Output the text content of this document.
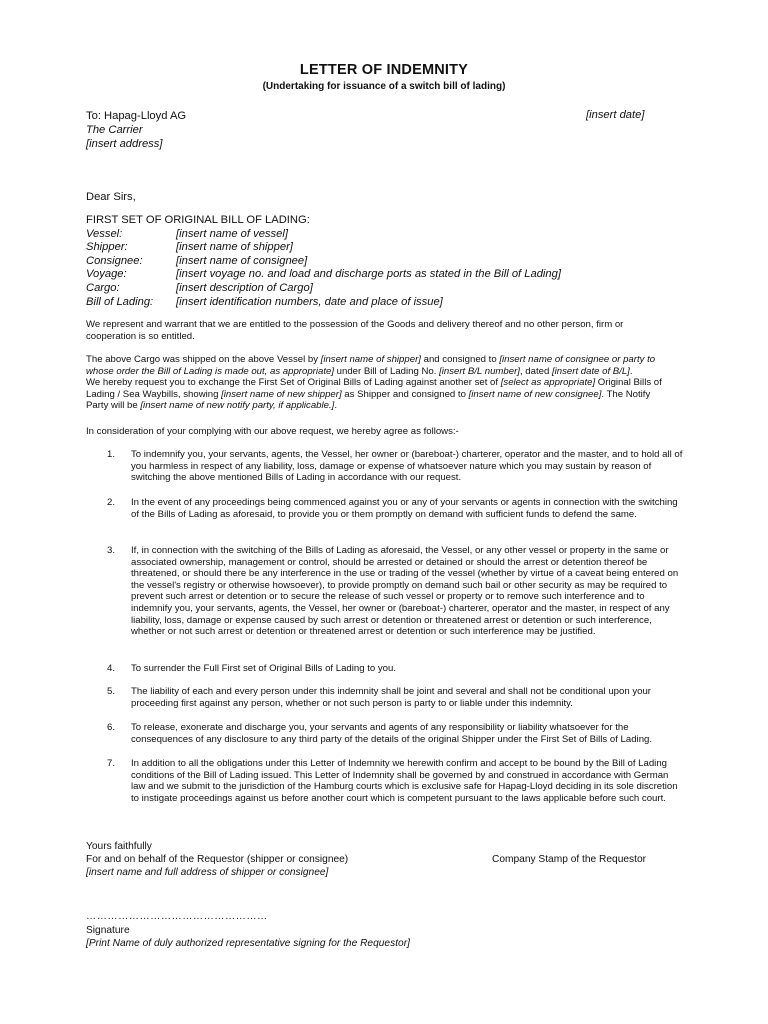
LETTER OF INDEMNITY
(Undertaking for issuance of a switch bill of lading)
To: Hapag-Lloyd AG
The Carrier
[insert address]
[insert date]
Dear Sirs,
FIRST SET OF ORIGINAL BILL OF LADING:
Vessel:	[insert name of vessel]
Shipper:	[insert name of shipper]
Consignee:	[insert name of consignee]
Voyage:	[insert voyage no. and load and discharge ports as stated in the Bill of Lading]
Cargo:	[insert description of Cargo]
Bill of Lading: [insert identification numbers, date and place of issue]

We represent and warrant that we are entitled to the possession of the Goods and delivery thereof and no other person, firm or cooperation is so entitled.

The above Cargo was shipped on the above Vessel by [insert name of shipper] and consigned to [insert name of consignee or party to whose order the Bill of Lading is made out, as appropriate] under Bill of Lading No. [insert B/L number], dated [insert date of B/L].
We hereby request you to exchange the First Set of Original Bills of Lading against another set of [select as appropriate] Original Bills of Lading / Sea Waybills, showing [insert name of new shipper] as Shipper and consigned to [insert name of new consignee]. The Notify Party will be [insert name of new notify party, if applicable.].

In consideration of your complying with our above request, we hereby agree as follows:-

1. To indemnify you, your servants, agents, the Vessel, her owner or (bareboat-) charterer, operator and the master, and to hold all of you harmless in respect of any liability, loss, damage or expense of whatsoever nature which you may sustain by reason of switching the above mentioned Bills of Lading in accordance with our request.
2. In the event of any proceedings being commenced against you or any of your servants or agents in connection with the switching of the Bills of Lading as aforesaid, to provide you or them promptly on demand with sufficient funds to defend the same.
3. If, in connection with the switching of the Bills of Lading as aforesaid, the Vessel, or any other vessel or property in the same or associated ownership, management or control, should be arrested or detained or should the arrest or detention thereof be threatened, or should there be any interference in the use or trading of the vessel (whether by virtue of a caveat being entered on the vessel's registry or otherwise howsoever), to provide promptly on demand such bail or other security as may be required to prevent such arrest or detention or to secure the release of such vessel or property or to remove such interference and to indemnify you, your servants, agents, the Vessel, her owner or (bareboat-) charterer, operator and the master, in respect of any liability, loss, damage or expense caused by such arrest or detention or threatened arrest or detention or such interference, whether or not such arrest or detention or threatened arrest or detention or such interference may be justified.
4. To surrender the Full First set of Original Bills of Lading to you.
5. The liability of each and every person under this indemnity shall be joint and several and shall not be conditional upon your proceeding first against any person, whether or not such person is party to or liable under this indemnity.
6. To release, exonerate and discharge you, your servants and agents of any responsibility or liability whatsoever for the consequences of any disclosure to any third party of the details of the original Shipper under the First Set of Bills of Lading.
7. In addition to all the obligations under this Letter of Indemnity we herewith confirm and accept to be bound by the Bill of Lading conditions of the Bill of Lading issued. This Letter of Indemnity shall be governed by and construed in accordance with German law and we submit to the jurisdiction of the Hamburg courts which is exclusive safe for Hapag-Lloyd deciding in its sole discretion to instigate proceedings against us before another court which is competent pursuant to the laws applicable before such court.
Yours faithfully
For and on behalf of the Requestor (shipper or consignee)
[insert name and full address of shipper or consignee]
Company Stamp of the Requestor
……………………………………………
Signature
[Print Name of duly authorized representative signing for the Requestor]
